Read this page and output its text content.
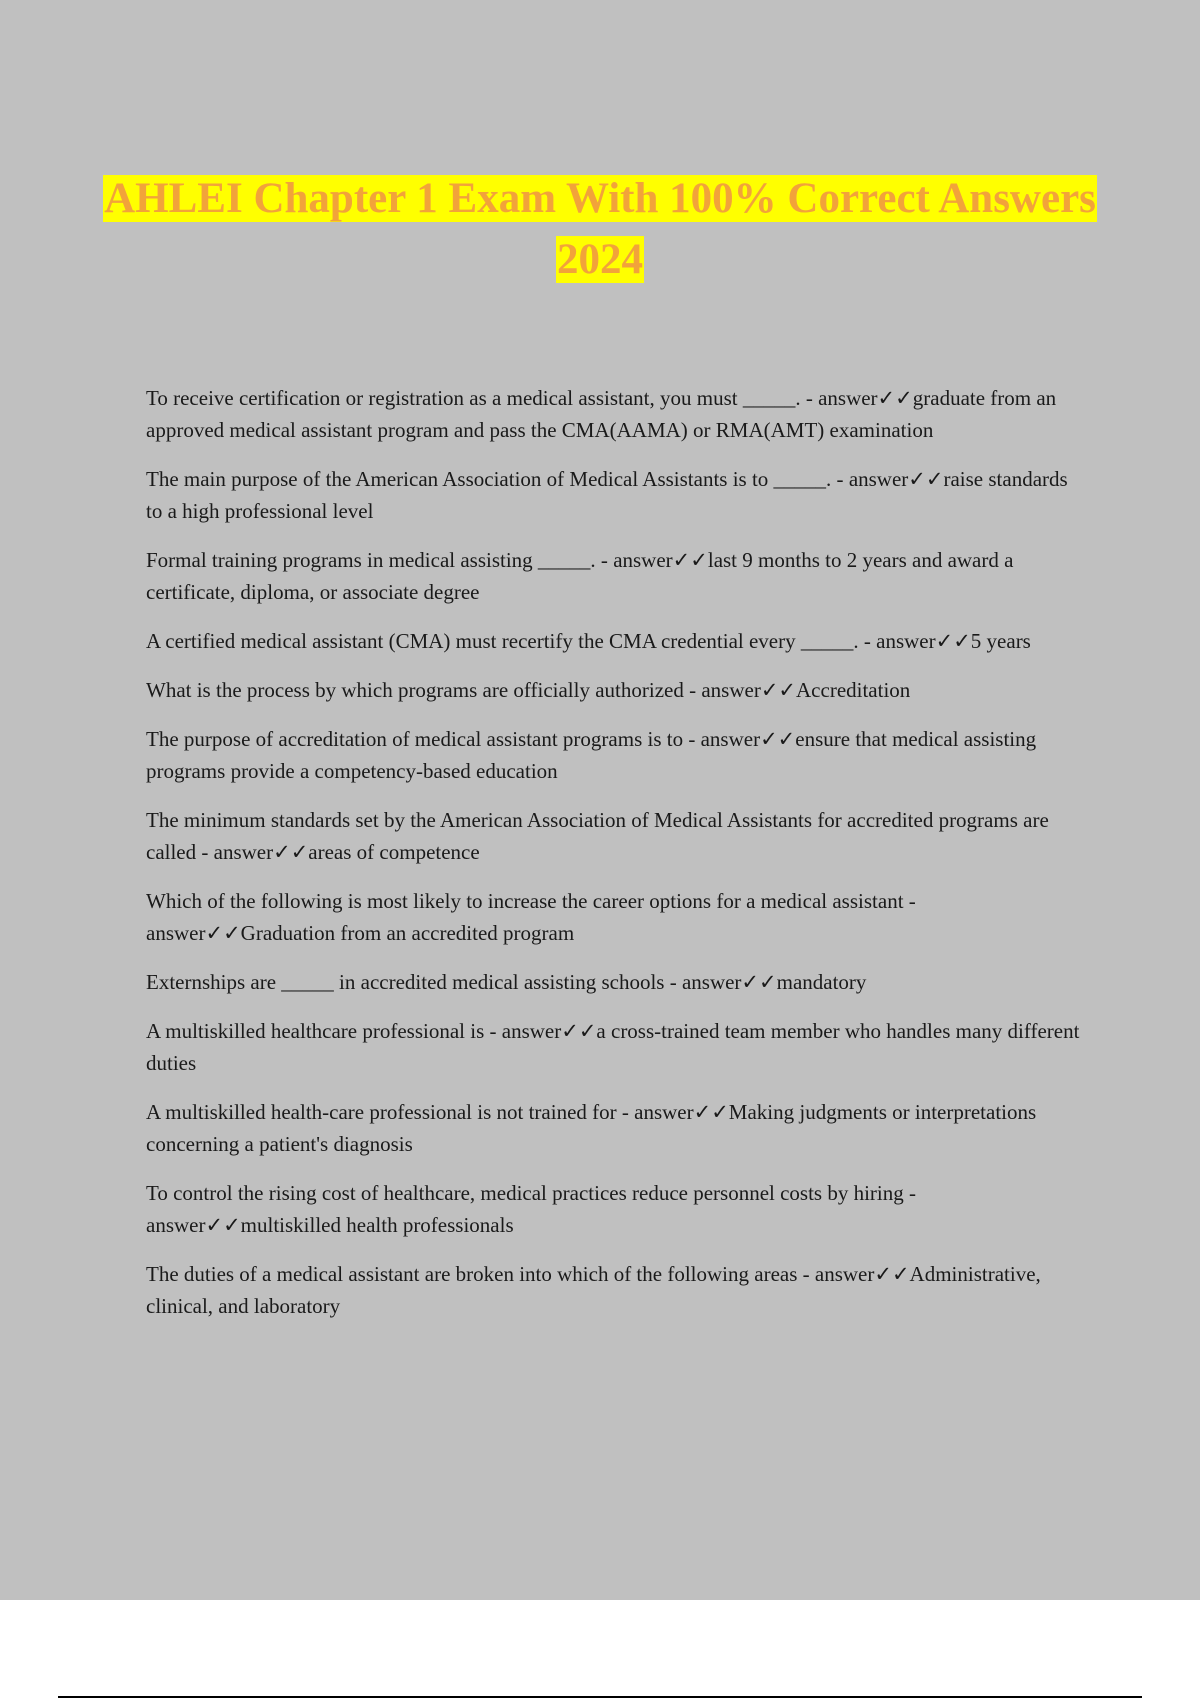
AHLEI Chapter 1 Exam With 100% Correct Answers 2024

To receive certification or registration as a medical assistant, you must _____. - answer✓✓graduate from an approved medical assistant program and pass the CMA(AAMA) or RMA(AMT) examination

The main purpose of the American Association of Medical Assistants is to _____. - answer✓✓raise standards to a high professional level

Formal training programs in medical assisting _____. - answer✓✓last 9 months to 2 years and award a certificate, diploma, or associate degree

A certified medical assistant (CMA) must recertify the CMA credential every _____. - answer✓✓5 years

What is the process by which programs are officially authorized - answer✓✓Accreditation

The purpose of accreditation of medical assistant programs is to - answer✓✓ensure that medical assisting programs provide a competency-based education

The minimum standards set by the American Association of Medical Assistants for accredited programs are called - answer✓✓areas of competence

Which of the following is most likely to increase the career options for a medical assistant - answer✓✓Graduation from an accredited program

Externships are _____ in accredited medical assisting schools - answer✓✓mandatory

A multiskilled healthcare professional is - answer✓✓a cross-trained team member who handles many different duties

A multiskilled health-care professional is not trained for - answer✓✓Making judgments or interpretations concerning a patient's diagnosis

To control the rising cost of healthcare, medical practices reduce personnel costs by hiring - answer✓✓multiskilled health professionals

The duties of a medical assistant are broken into which of the following areas - answer✓✓Administrative, clinical, and laboratory
